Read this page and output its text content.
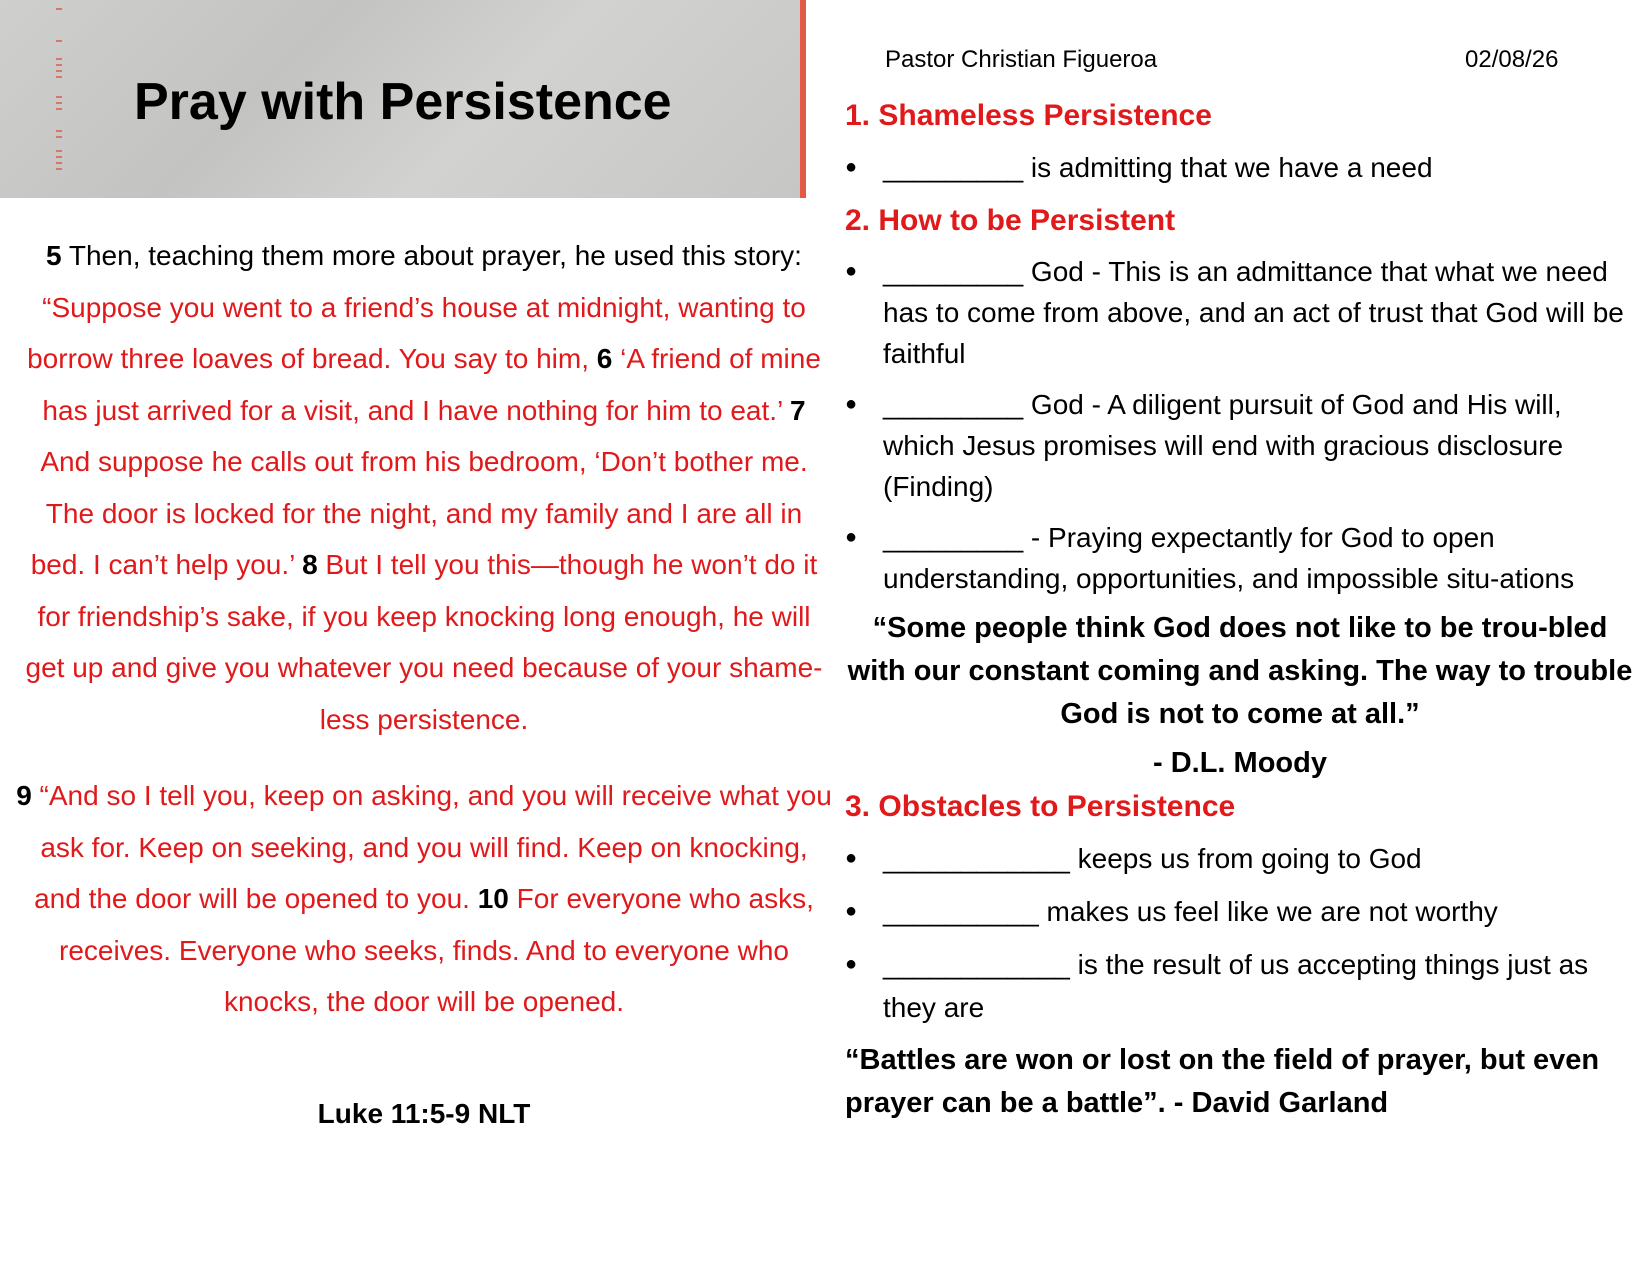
Pray with Persistence

5 Then, teaching them more about prayer, he used this story: “Suppose you went to a friend’s house at midnight, wanting to borrow three loaves of bread. You say to him, 6 ‘A friend of mine has just arrived for a visit, and I have nothing for him to eat.’ 7 And suppose he calls out from his bedroom, ‘Don’t bother me. The door is locked for the night, and my family and I are all in bed. I can’t help you.’ 8 But I tell you this—though he won’t do it for friendship’s sake, if you keep knocking long enough, he will get up and give you whatever you need because of your shame-less persistence.

9 “And so I tell you, keep on asking, and you will receive what you ask for. Keep on seeking, and you will find. Keep on knocking, and the door will be opened to you. 10 For everyone who asks, receives. Everyone who seeks, finds. And to everyone who knocks, the door will be opened.

Luke 11:5-9 NLT
Pastor Christian Figueroa	02/08/26
1. Shameless Persistence
● _________ is admitting that we have a need
2. How to be Persistent
● _________ God - This is an admittance that what we need has to come from above, and an act of trust that God will be faithful
● _________ God - A diligent pursuit of God and His will, which Jesus promises will end with gracious disclosure (Finding)
● _________ - Praying expectantly for God to open understanding, opportunities, and impossible situ-ations
“Some people think God does not like to be trou-bled with our constant coming and asking. The way to trouble God is not to come at all.”
- D.L. Moody
3. Obstacles to Persistence
● ____________ keeps us from going to God
● __________ makes us feel like we are not worthy
● ____________ is the result of us accepting things just as they are
“Battles are won or lost on the field of prayer, but even prayer can be a battle”. - David Garland
